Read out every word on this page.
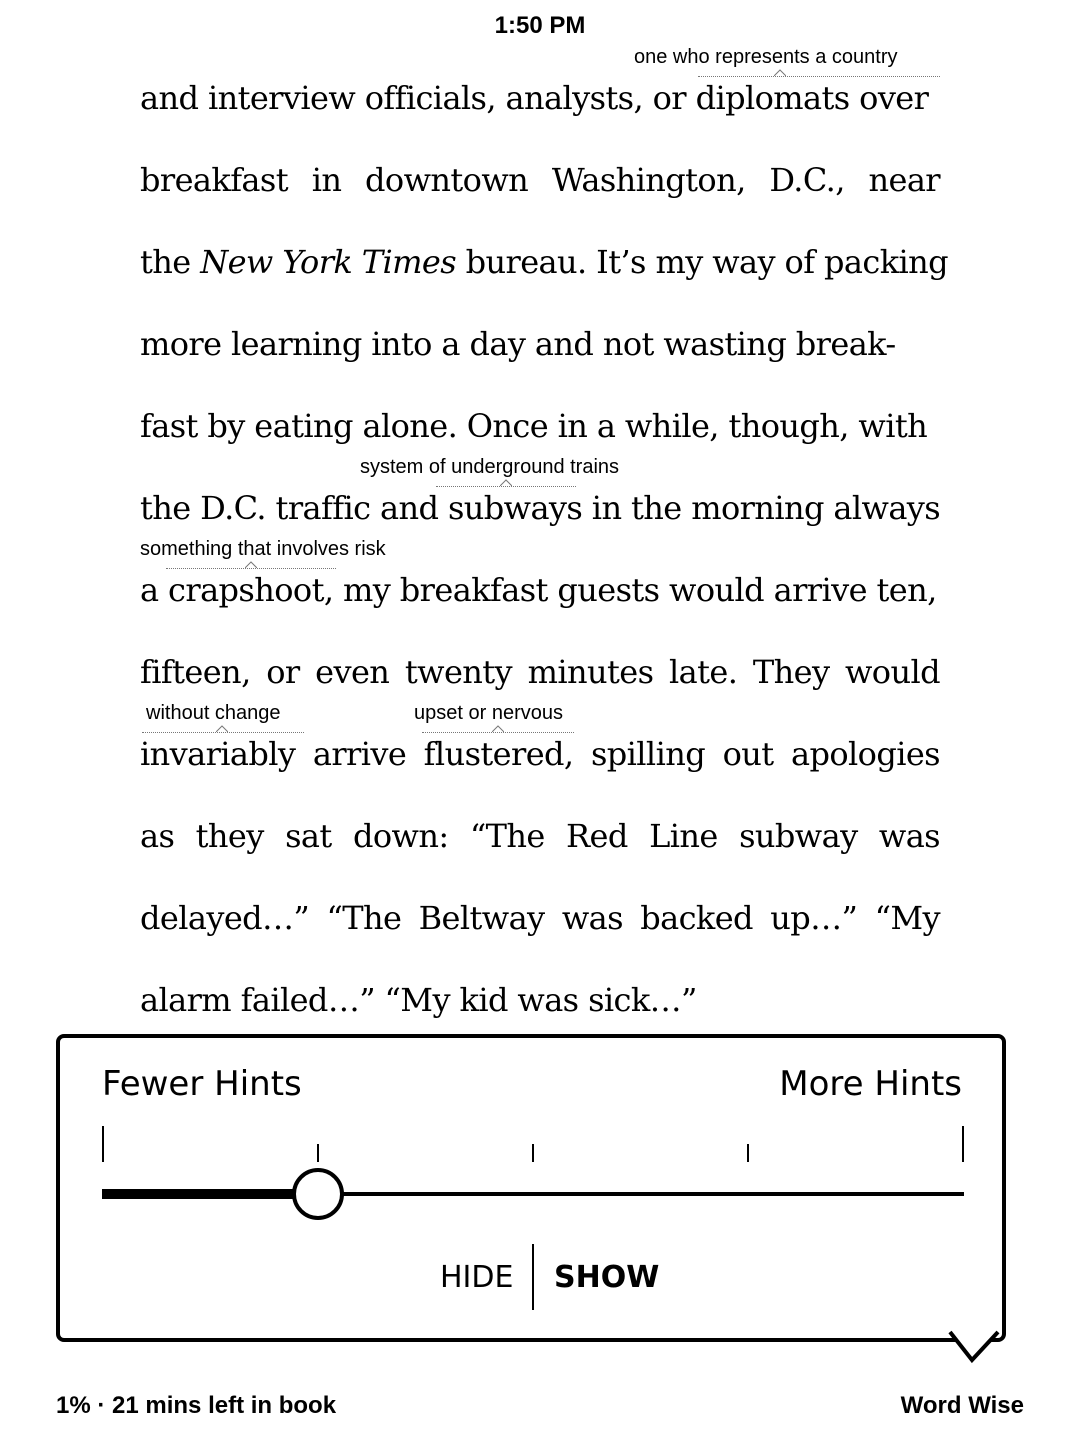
1:50 PM
and interview officials, analysts, or diplomats over
breakfast in downtown Washington, D.C., near
the New York Times bureau. It’s my way of packing
more learning into a day and not wasting break-
fast by eating alone. Once in a while, though, with
the D.C. traffic and subways in the morning always
a crapshoot, my breakfast guests would arrive ten,
fifteen, or even twenty minutes late. They would
invariably arrive flustered, spilling out apologies
as they sat down: “The Red Line subway was
delayed…” “The Beltway was backed up…” “My
alarm failed…” “My kid was sick…”
one who represents a country
system of underground trains
something that involves risk
without change	upset or nervous
Fewer Hints	More Hints
HIDE SHOW
1% · 21 mins left in book	Word Wise
